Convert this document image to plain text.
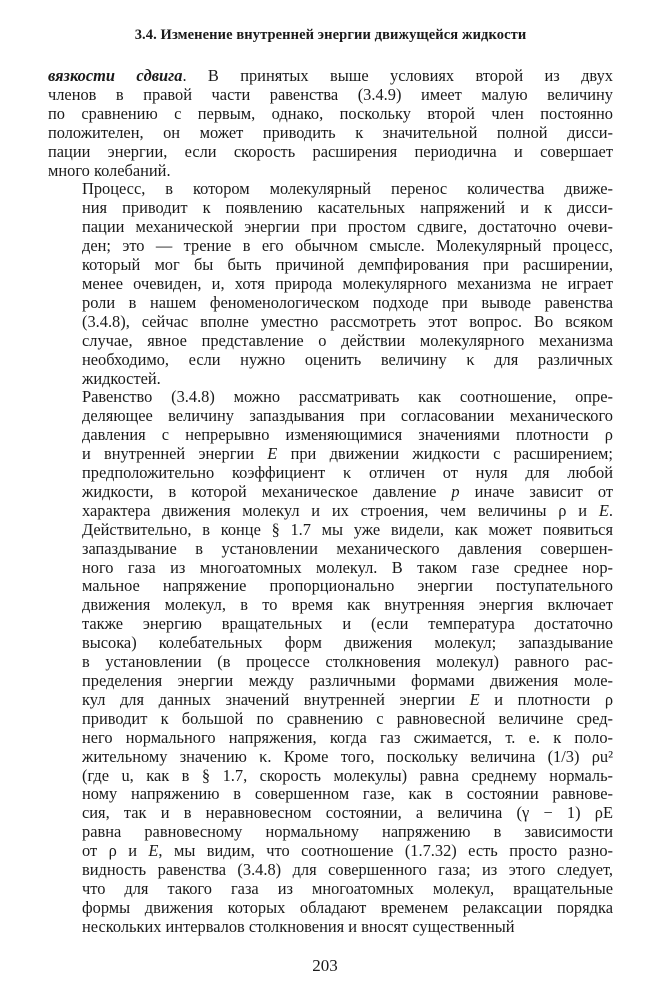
3.4. Изменение внутренней энергии движущейся жидкости

вязкости сдвига. В принятых выше условиях второй из двух
членов в правой части равенства (3.4.9) имеет малую величину
по сравнению с первым, однако, поскольку второй член постоянно
положителен, он может приводить к значительной полной дисси-
пации энергии, если скорость расширения периодична и совершает
много колебаний.

Процесс, в котором молекулярный перенос количества движе-
ния приводит к появлению касательных напряжений и к дисси-
пации механической энергии при простом сдвиге, достаточно очеви-
ден; это — трение в его обычном смысле. Молекулярный процесс,
который мог бы быть причиной демпфирования при расширении,
менее очевиден, и, хотя природа молекулярного механизма не играет
роли в нашем феноменологическом подходе при выводе равенства
(3.4.8), сейчас вполне уместно рассмотреть этот вопрос. Во всяком
случае, явное представление о действии молекулярного механизма
необходимо, если нужно оценить величину κ для различных
жидкостей.

Равенство (3.4.8) можно рассматривать как соотношение, опре-
деляющее величину запаздывания при согласовании механического
давления с непрерывно изменяющимися значениями плотности ρ
и внутренней энергии E при движении жидкости с расширением;
предположительно коэффициент κ отличен от нуля для любой
жидкости, в которой механическое давление p иначе зависит от
характера движения молекул и их строения, чем величины ρ и E.
Действительно, в конце § 1.7 мы уже видели, как может появиться
запаздывание в установлении механического давления совершен-
ного газа из многоатомных молекул. В таком газе среднее нор-
мальное напряжение пропорционально энергии поступательного
движения молекул, в то время как внутренняя энергия включает
также энергию вращательных и (если температура достаточно
высока) колебательных форм движения молекул; запаздывание
в установлении (в процессе столкновения молекул) равного рас-
пределения энергии между различными формами движения моле-
кул для данных значений внутренней энергии E и плотности ρ
приводит к большой по сравнению с равновесной величине сред-
него нормального напряжения, когда газ сжимается, т. е. к поло-
жительному значению κ. Кроме того, поскольку величина (1/3) ρu²
(где u, как в § 1.7, скорость молекулы) равна среднему нормаль-
ному напряжению в совершенном газе, как в состоянии равнове-
сия, так и в неравновесном состоянии, а величина (γ − 1) ρE
равна равновесному нормальному напряжению в зависимости
от ρ и E, мы видим, что соотношение (1.7.32) есть просто разно-
видность равенства (3.4.8) для совершенного газа; из этого следует,
что для такого газа из многоатомных молекул, вращательные
формы движения которых обладают временем релаксации порядка
нескольких интервалов столкновения и вносят существенный

203
